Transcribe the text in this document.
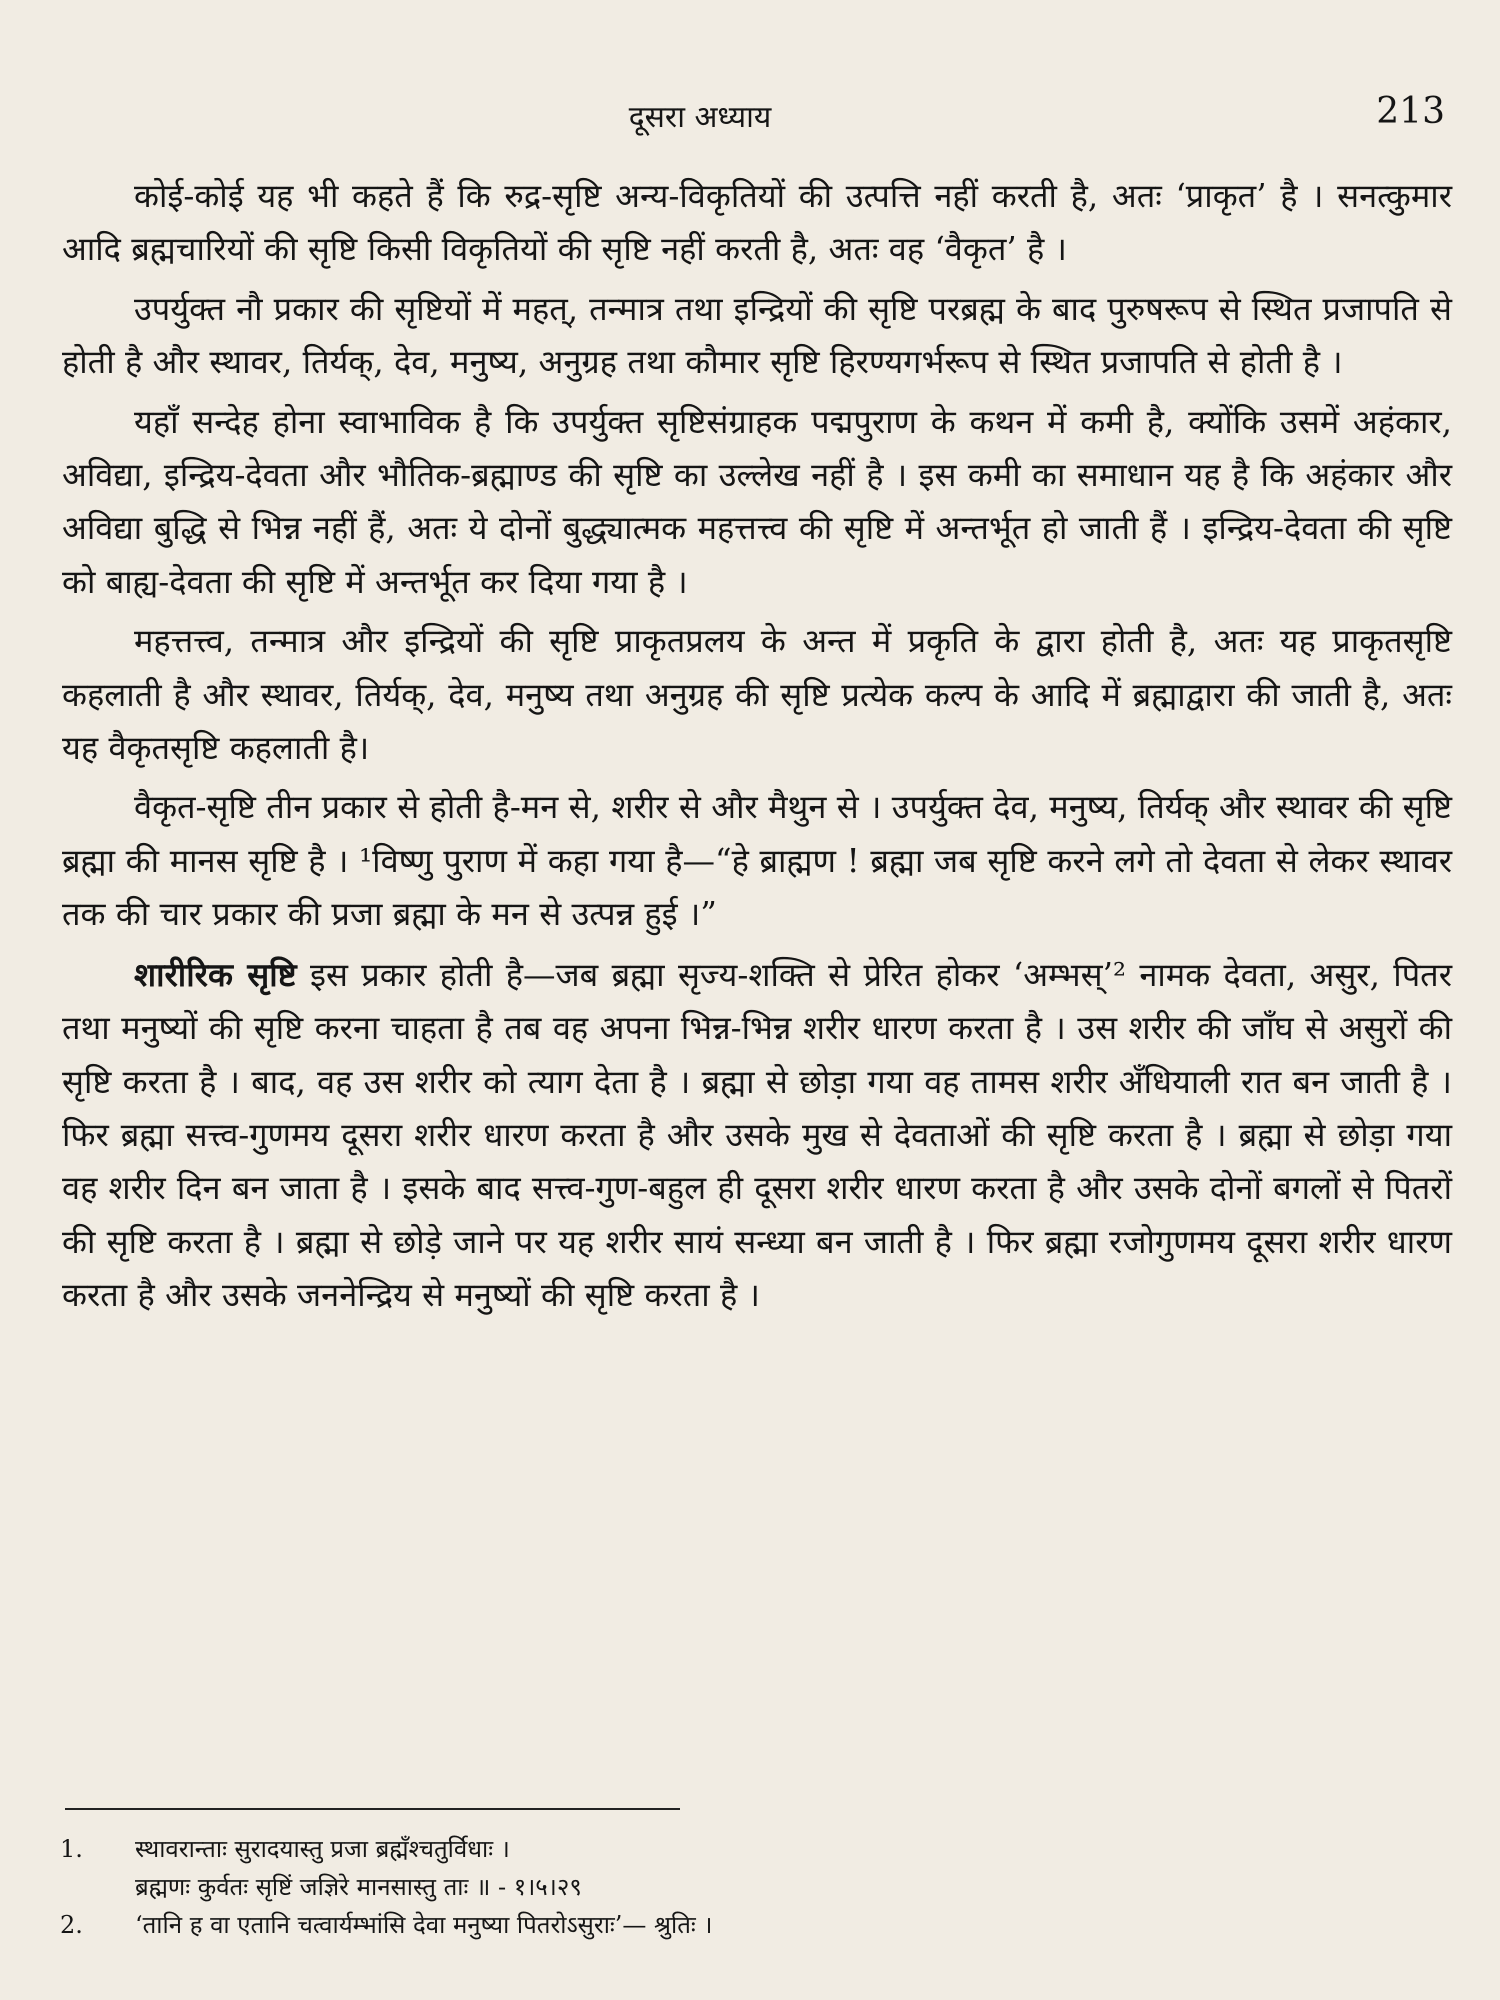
दूसरा अध्याय	213

कोई-कोई यह भी कहते हैं कि रुद्र-सृष्टि अन्य-विकृतियों की उत्पत्ति नहीं करती है, अतः ‘प्राकृत’ है । सनत्कुमार आदि ब्रह्मचारियों की सृष्टि किसी विकृतियों की सृष्टि नहीं करती है, अतः वह ‘वैकृत’ है ।

उपर्युक्त नौ प्रकार की सृष्टियों में महत्, तन्मात्र तथा इन्द्रियों की सृष्टि परब्रह्म के बाद पुरुषरूप से स्थित प्रजापति से होती है और स्थावर, तिर्यक्, देव, मनुष्य, अनुग्रह तथा कौमार सृष्टि हिरण्यगर्भरूप से स्थित प्रजापति से होती है ।

यहाँ सन्देह होना स्वाभाविक है कि उपर्युक्त सृष्टिसंग्राहक पद्मपुराण के कथन में कमी है, क्योंकि उसमें अहंकार, अविद्या, इन्द्रिय-देवता और भौतिक-ब्रह्माण्ड की सृष्टि का उल्लेख नहीं है । इस कमी का समाधान यह है कि अहंकार और अविद्या बुद्धि से भिन्न नहीं हैं, अतः ये दोनों बुद्ध्यात्मक महत्तत्त्व की सृष्टि में अन्तर्भूत हो जाती हैं । इन्द्रिय-देवता की सृष्टि को बाह्य-देवता की सृष्टि में अन्तर्भूत कर दिया गया है ।

महत्तत्त्व, तन्मात्र और इन्द्रियों की सृष्टि प्राकृतप्रलय के अन्त में प्रकृति के द्वारा होती है, अतः यह प्राकृतसृष्टि कहलाती है और स्थावर, तिर्यक्, देव, मनुष्य तथा अनुग्रह की सृष्टि प्रत्येक कल्प के आदि में ब्रह्माद्वारा की जाती है, अतः यह वैकृतसृष्टि कहलाती है।

वैकृत-सृष्टि तीन प्रकार से होती है-मन से, शरीर से और मैथुन से । उपर्युक्त देव, मनुष्य, तिर्यक् और स्थावर की सृष्टि ब्रह्मा की मानस सृष्टि है । ¹विष्णु पुराण में कहा गया है—“हे ब्राह्मण ! ब्रह्मा जब सृष्टि करने लगे तो देवता से लेकर स्थावर तक की चार प्रकार की प्रजा ब्रह्मा के मन से उत्पन्न हुई ।”

शारीरिक सृष्टि इस प्रकार होती है—जब ब्रह्मा सृज्य-शक्ति से प्रेरित होकर ‘अम्भस्’² नामक देवता, असुर, पितर तथा मनुष्यों की सृष्टि करना चाहता है तब वह अपना भिन्न-भिन्न शरीर धारण करता है । उस शरीर की जाँघ से असुरों की सृष्टि करता है । बाद, वह उस शरीर को त्याग देता है । ब्रह्मा से छोड़ा गया वह तामस शरीर अँधियाली रात बन जाती है । फिर ब्रह्मा सत्त्व-गुणमय दूसरा शरीर धारण करता है और उसके मुख से देवताओं की सृष्टि करता है । ब्रह्मा से छोड़ा गया वह शरीर दिन बन जाता है । इसके बाद सत्त्व-गुण-बहुल ही दूसरा शरीर धारण करता है और उसके दोनों बगलों से पितरों की सृष्टि करता है । ब्रह्मा से छोड़े जाने पर यह शरीर सायं सन्ध्या बन जाती है । फिर ब्रह्मा रजोगुणमय दूसरा शरीर धारण करता है और उसके जननेन्द्रिय से मनुष्यों की सृष्टि करता है ।

1.	स्थावरान्ताः सुरादयास्तु प्रजा ब्रह्मँश्चतुर्विधाः ।
ब्रह्मणः कुर्वतः सृष्टिं जज्ञिरे मानसास्तु ताः ॥ - १।५।२९
2.	‘तानि ह वा एतानि चत्वार्यम्भांसि देवा मनुष्या पितरोऽसुराः’— श्रुतिः ।
